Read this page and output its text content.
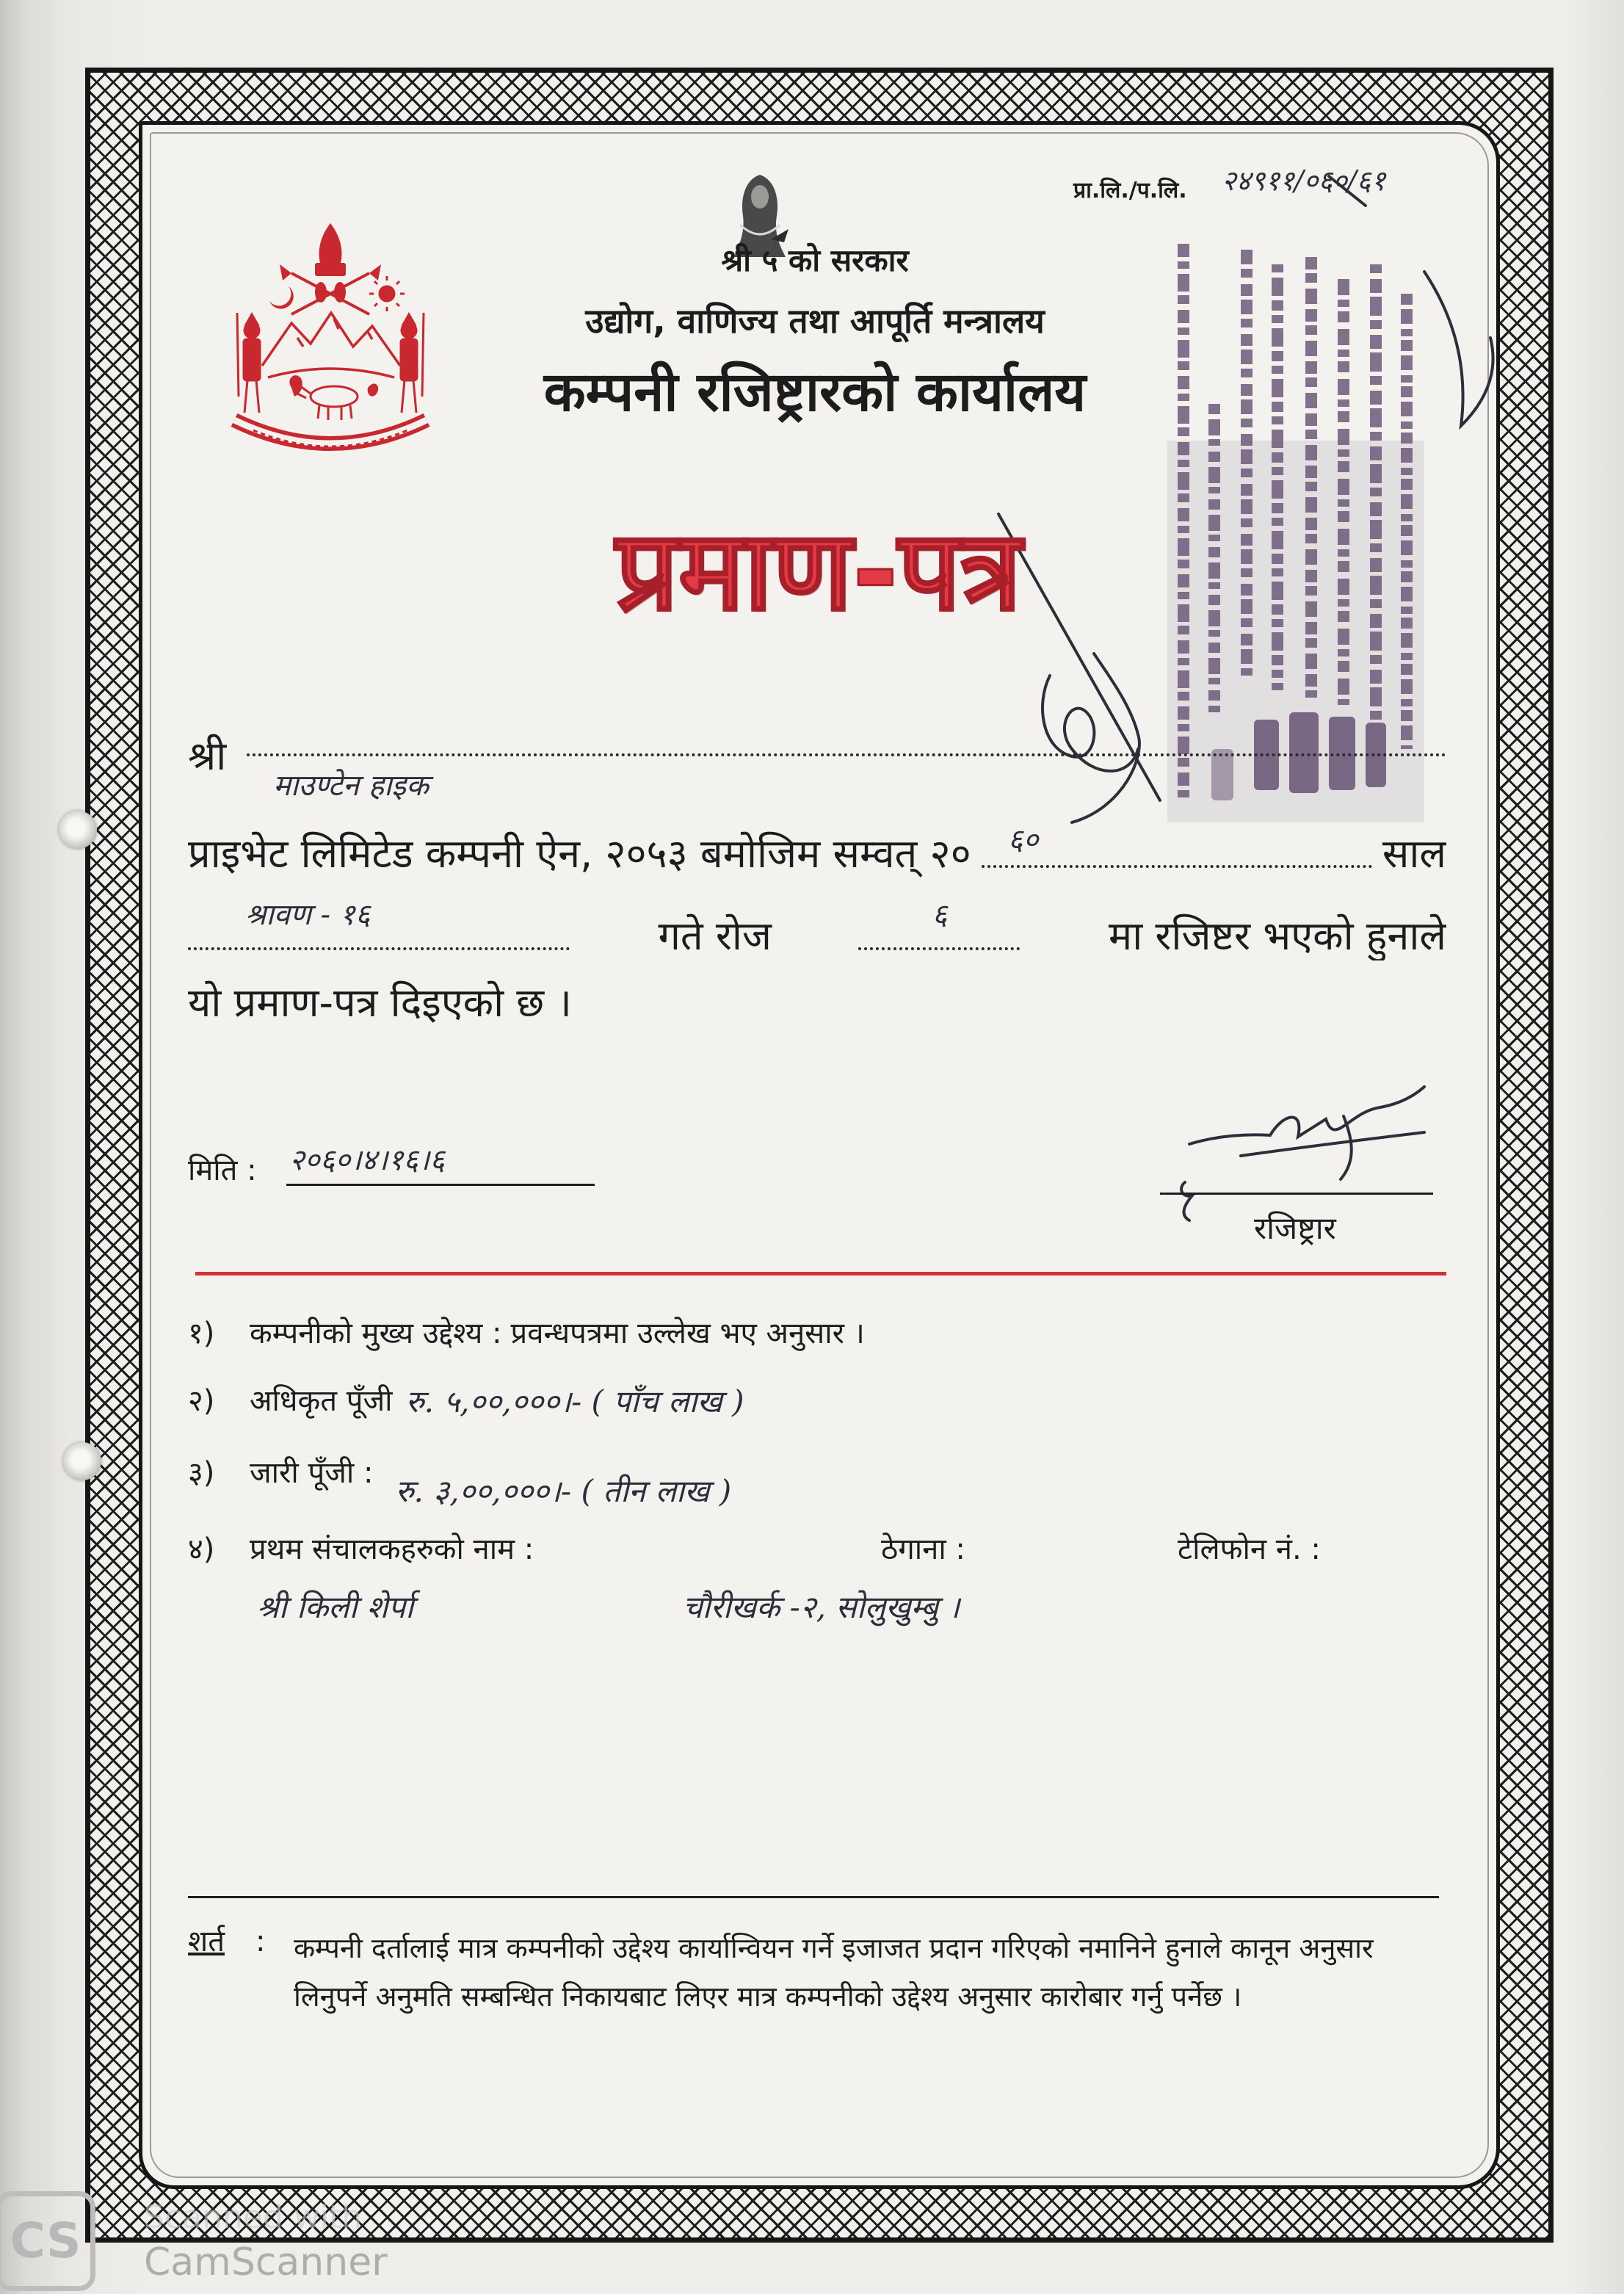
प्रा.लि./प.लि. २४९११/०६०/६१
श्री ५ को सरकार
उद्योग, वाणिज्य तथा आपूर्ति मन्त्रालय
कम्पनी रजिष्ट्रारको कार्यालय
प्रमाण-पत्र
श्री
माउण्टेन हाइक
प्राइभेट लिमिटेड कम्पनी ऐन, २०५३ बमोजिम सम्वत् २० ६०	साल
श्रावण - १६	गते रोज	६	मा रजिष्टर भएको हुनाले
यो प्रमाण-पत्र दिइएको छ ।
मिति : २०६०।४।१६।६
रजिष्ट्रार
१)	कम्पनीको मुख्य उद्देश्य : प्रवन्धपत्रमा उल्लेख भए अनुसार ।
२)	अधिकृत पूँजी रु. ५,००,०००।- ( पाँच लाख )
३)	जारी पूँजी : रु. ३,००,०००।- ( तीन लाख )
४)	प्रथम संचालकहरुको नाम :	ठेगाना :	टेलिफोन नं. :
श्री किली शेर्पा	चौरीखर्क -२, सोलुखुम्बु ।
शर्त : कम्पनी दर्तालाई मात्र कम्पनीको उद्देश्य कार्यान्वियन गर्ने इजाजत प्रदान गरिएको नमानिने हुनाले कानून अनुसार
लिनुपर्ने अनुमति सम्बन्धित निकायबाट लिएर मात्र कम्पनीको उद्देश्य अनुसार कारोबार गर्नु पर्नेछ ।
CS	Scanned with
CamScanner
